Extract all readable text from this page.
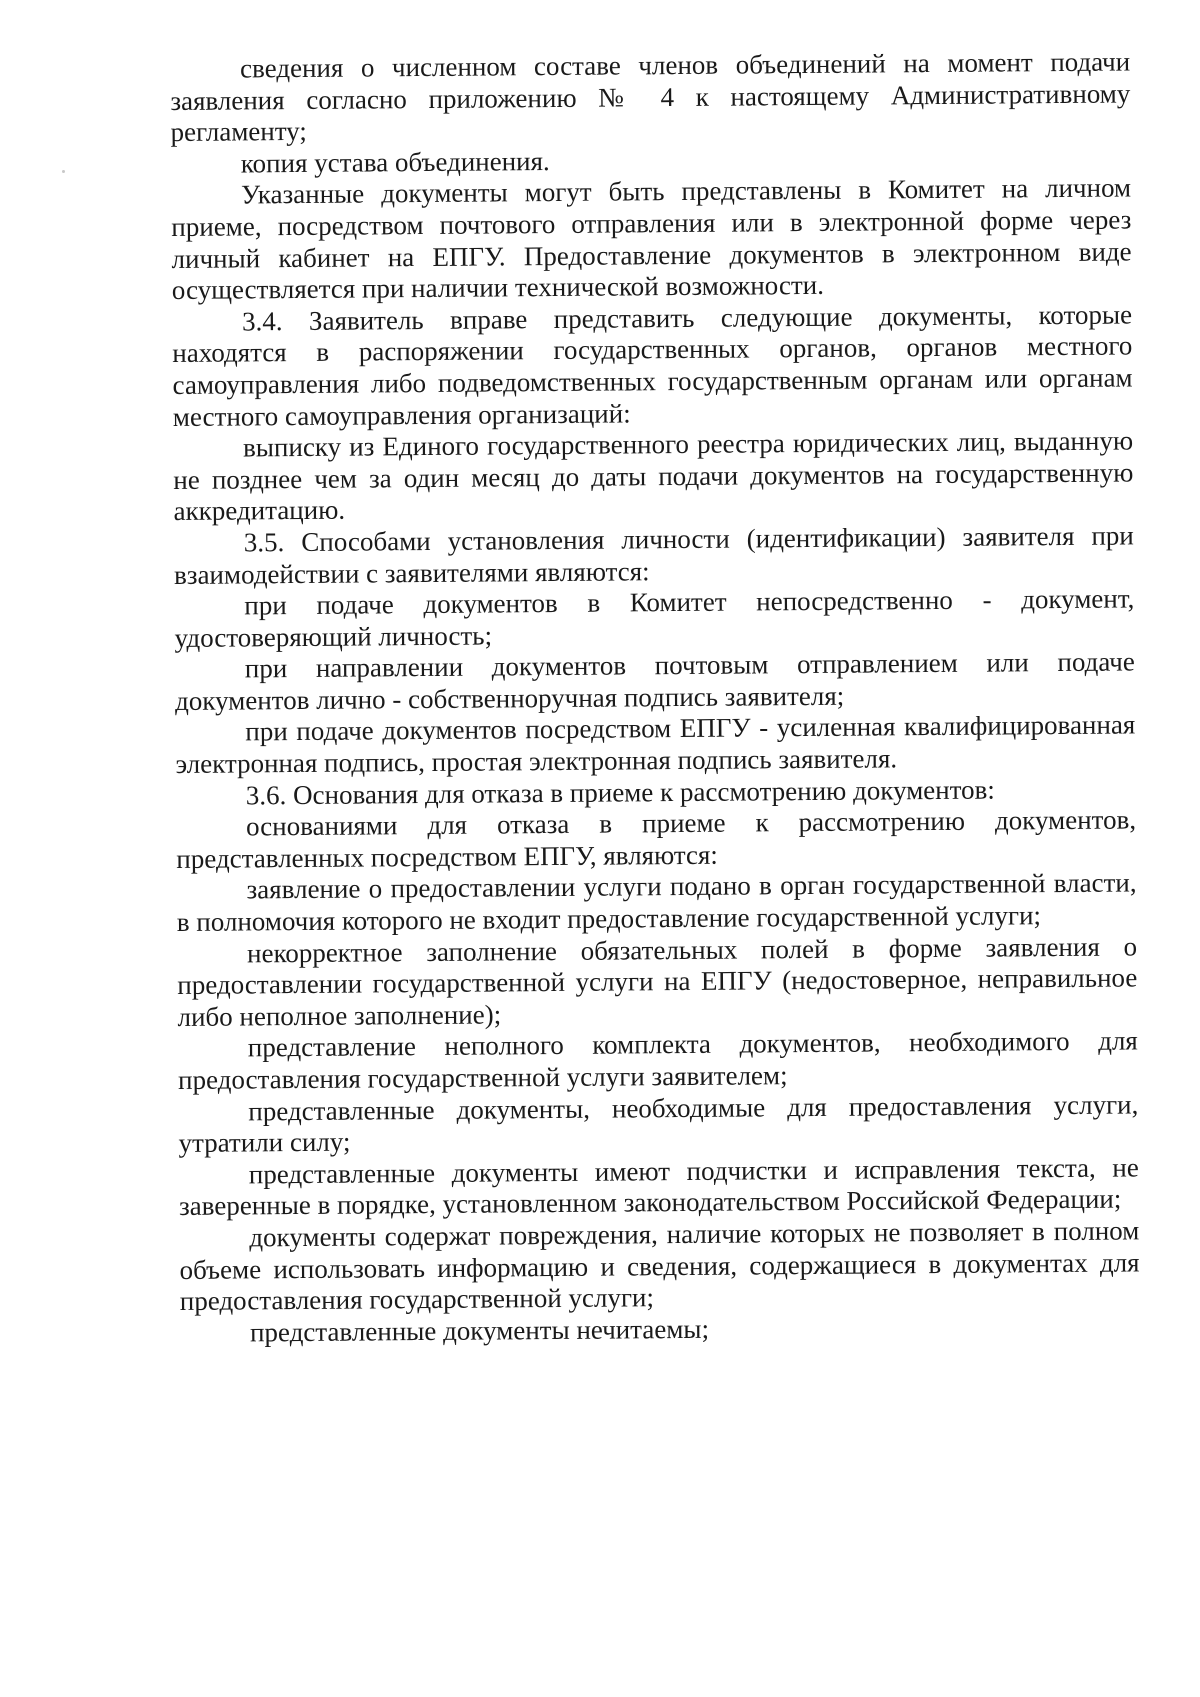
сведения о численном составе членов объединений на момент подачи заявления согласно приложению № 4 к настоящему Административному регламенту;

копия устава объединения.

Указанные документы могут быть представлены в Комитет на личном приеме, посредством почтового отправления или в электронной форме через личный кабинет на ЕПГУ. Предоставление документов в электронном виде осуществляется при наличии технической возможности.

3.4. Заявитель вправе представить следующие документы, которые находятся в распоряжении государственных органов, органов местного самоуправления либо подведомственных государственным органам или органам местного самоуправления организаций:

выписку из Единого государственного реестра юридических лиц, выданную не позднее чем за один месяц до даты подачи документов на государственную аккредитацию.

3.5. Способами установления личности (идентификации) заявителя при взаимодействии с заявителями являются:

при подаче документов в Комитет непосредственно - документ, удостоверяющий личность;

при направлении документов почтовым отправлением или подаче документов лично - собственноручная подпись заявителя;

при подаче документов посредством ЕПГУ - усиленная квалифицированная электронная подпись, простая электронная подпись заявителя.

3.6. Основания для отказа в приеме к рассмотрению документов:

основаниями для отказа в приеме к рассмотрению документов, представленных посредством ЕПГУ, являются:

заявление о предоставлении услуги подано в орган государственной власти, в полномочия которого не входит предоставление государственной услуги;

некорректное заполнение обязательных полей в форме заявления о предоставлении государственной услуги на ЕПГУ (недостоверное, неправильное либо неполное заполнение);

представление неполного комплекта документов, необходимого для предоставления государственной услуги заявителем;

представленные документы, необходимые для предоставления услуги, утратили силу;

представленные документы имеют подчистки и исправления текста, не заверенные в порядке, установленном законодательством Российской Федерации;

документы содержат повреждения, наличие которых не позволяет в полном объеме использовать информацию и сведения, содержащиеся в документах для предоставления государственной услуги;

представленные документы нечитаемы;
